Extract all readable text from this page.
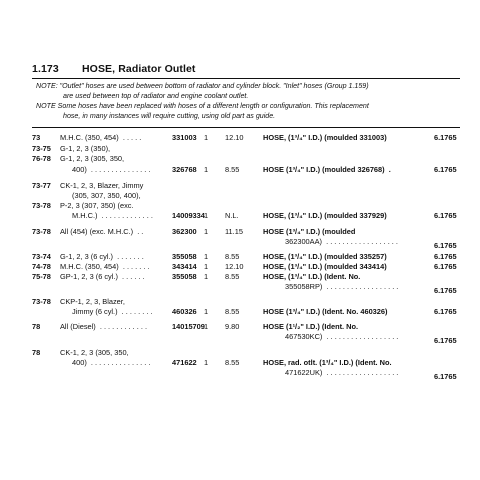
1.173 HOSE, Radiator Outlet
NOTE: "Outlet" hoses are used between bottom of radiator and cylinder block. "Inlet" hoses (Group 1.159)
are used between top of radiator and engine coolant outlet.
NOTE Some hoses have been replaced with hoses of a different length or configuration. This replacement
hose, in many instances will require cutting, using old part as guide.
73	M.H.C. (350, 454)  . . . . .	331003 1 12.10	HOSE, (1³/₄" I.D.) (moulded 331003)	6.1765
73-75 G-1, 2, 3 (350),
76-78 G-1, 2, 3 (305, 350,
400)  . . . . . . . . . . . . . . .	326768 1 8.55	HOSE (1³/₄" I.D.) (moulded 326768)  .	6.1765
73-77 CK-1, 2, 3, Blazer, Jimmy
(305, 307, 350, 400),
73-78 P-2, 3 (307, 350) (exc.
M.H.C.)  . . . . . . . . . . . . .	14009334 1 N.L.	HOSE, (1³/₄" I.D.) (moulded 337929)	6.1765
73-78 All (454) (exc. M.H.C.)  . .	362300 1 11.15	HOSE (1³/₄" I.D.) (moulded
362300AA)  . . . . . . . . . . . . . . . . . .	6.1765
73-74 G-1, 2, 3 (6 cyl.)  . . . . . . .	355058 1 8.55	HOSE, (1³/₄" I.D.) (moulded 335257)	6.1765
74-78 M.H.C. (350, 454)  . . . . . . .	343414 1 12.10	HOSE, (1³/₄" I.D.) (moulded 343414)	6.1765
75-78 GP-1, 2, 3 (6 cyl.)  . . . . . .	355058 1 8.55	HOSE, (1³/₄" I.D.) (Ident. No.
355058RP)  . . . . . . . . . . . . . . . . . .	6.1765
73-78 CKP-1, 2, 3, Blazer,
Jimmy (6 cyl.)  . . . . . . . .	460326 1 8.55	HOSE (1³/₄" I.D.) (Ident. No. 460326)	6.1765
78	All (Diesel)  . . . . . . . . . . . .	14015709 1 9.80	HOSE (1¹/₂" I.D.) (Ident. No.
467530KC)  . . . . . . . . . . . . . . . . . .	6.1765
78	CK-1, 2, 3 (305, 350,
400)  . . . . . . . . . . . . . . .	471622 1 8.55	HOSE, rad. otlt. (1³/₄" I.D.) (Ident. No.
471622UK)  . . . . . . . . . . . . . . . . . .	6.1765
